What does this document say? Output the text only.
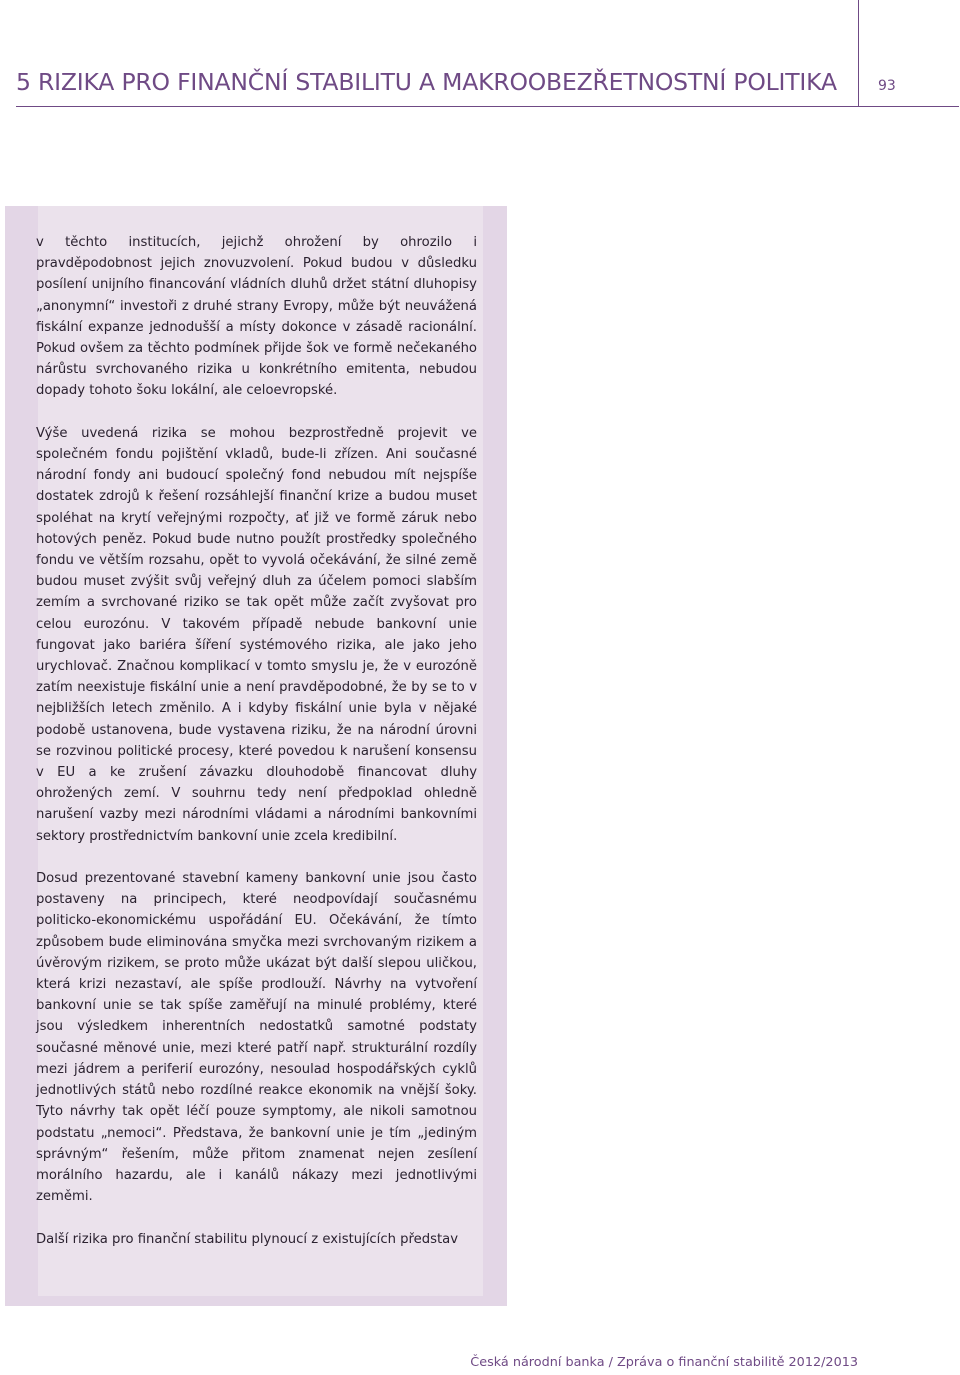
5 RIZIKA PRO FINANČNÍ STABILITU A MAKROOBEZŘETNOSTNÍ POLITIKA	93

v těchto institucích, jejichž ohrožení by ohrozilo i pravděpodobnost jejich znovuzvolení. Pokud budou v důsledku posílení unijního financování vládních dluhů držet státní dluhopisy „anonymní“ investoři z druhé strany Evropy, může být neuvážená fiskální expanze jednodušší a místy dokonce v zásadě racionální. Pokud ovšem za těchto podmínek přijde šok ve formě nečekaného nárůstu svrchovaného rizika u konkrétního emitenta, nebudou dopady tohoto šoku lokální, ale celoevropské.

Výše uvedená rizika se mohou bezprostředně projevit ve společném fondu pojištění vkladů, bude-li zřízen. Ani současné národní fondy ani budoucí společný fond nebudou mít nejspíše dostatek zdrojů k řešení rozsáhlejší finanční krize a budou muset spoléhat na krytí veřejnými rozpočty, ať již ve formě záruk nebo hotových peněz. Pokud bude nutno použít prostředky společného fondu ve větším rozsahu, opět to vyvolá očekávání, že silné země budou muset zvýšit svůj veřejný dluh za účelem pomoci slabším zemím a svrchované riziko se tak opět může začít zvyšovat pro celou eurozónu. V takovém případě nebude bankovní unie fungovat jako bariéra šíření systémového rizika, ale jako jeho urychlovač. Značnou komplikací v tomto smyslu je, že v eurozóně zatím neexistuje fiskální unie a není pravděpodobné, že by se to v nejbližších letech změnilo. A i kdyby fiskální unie byla v nějaké podobě ustanovena, bude vystavena riziku, že na národní úrovni se rozvinou politické procesy, které povedou k narušení konsensu v EU a ke zrušení závazku dlouhodobě financovat dluhy ohrožených zemí. V souhrnu tedy není předpoklad ohledně narušení vazby mezi národními vládami a národními bankovními sektory prostřednictvím bankovní unie zcela kredibilní.

Dosud prezentované stavební kameny bankovní unie jsou často postaveny na principech, které neodpovídají současnému politicko-ekonomickému uspořádání EU. Očekávání, že tímto způsobem bude eliminována smyčka mezi svrchovaným rizikem a úvěrovým rizikem, se proto může ukázat být další slepou uličkou, která krizi nezastaví, ale spíše prodlouží. Návrhy na vytvoření bankovní unie se tak spíše zaměřují na minulé problémy, které jsou výsledkem inherentních nedostatků samotné podstaty současné měnové unie, mezi které patří např. strukturální rozdíly mezi jádrem a periferií eurozóny, nesoulad hospodářských cyklů jednotlivých států nebo rozdílné reakce ekonomik na vnější šoky. Tyto návrhy tak opět léčí pouze symptomy, ale nikoli samotnou podstatu „nemoci“. Představa, že bankovní unie je tím „jediným správným“ řešením, může přitom znamenat nejen zesílení morálního hazardu, ale i kanálů nákazy mezi jednotlivými zeměmi.

Další rizika pro finanční stabilitu plynoucí z existujících představ

Česká národní banka / Zpráva o finanční stabilitě 2012/2013
